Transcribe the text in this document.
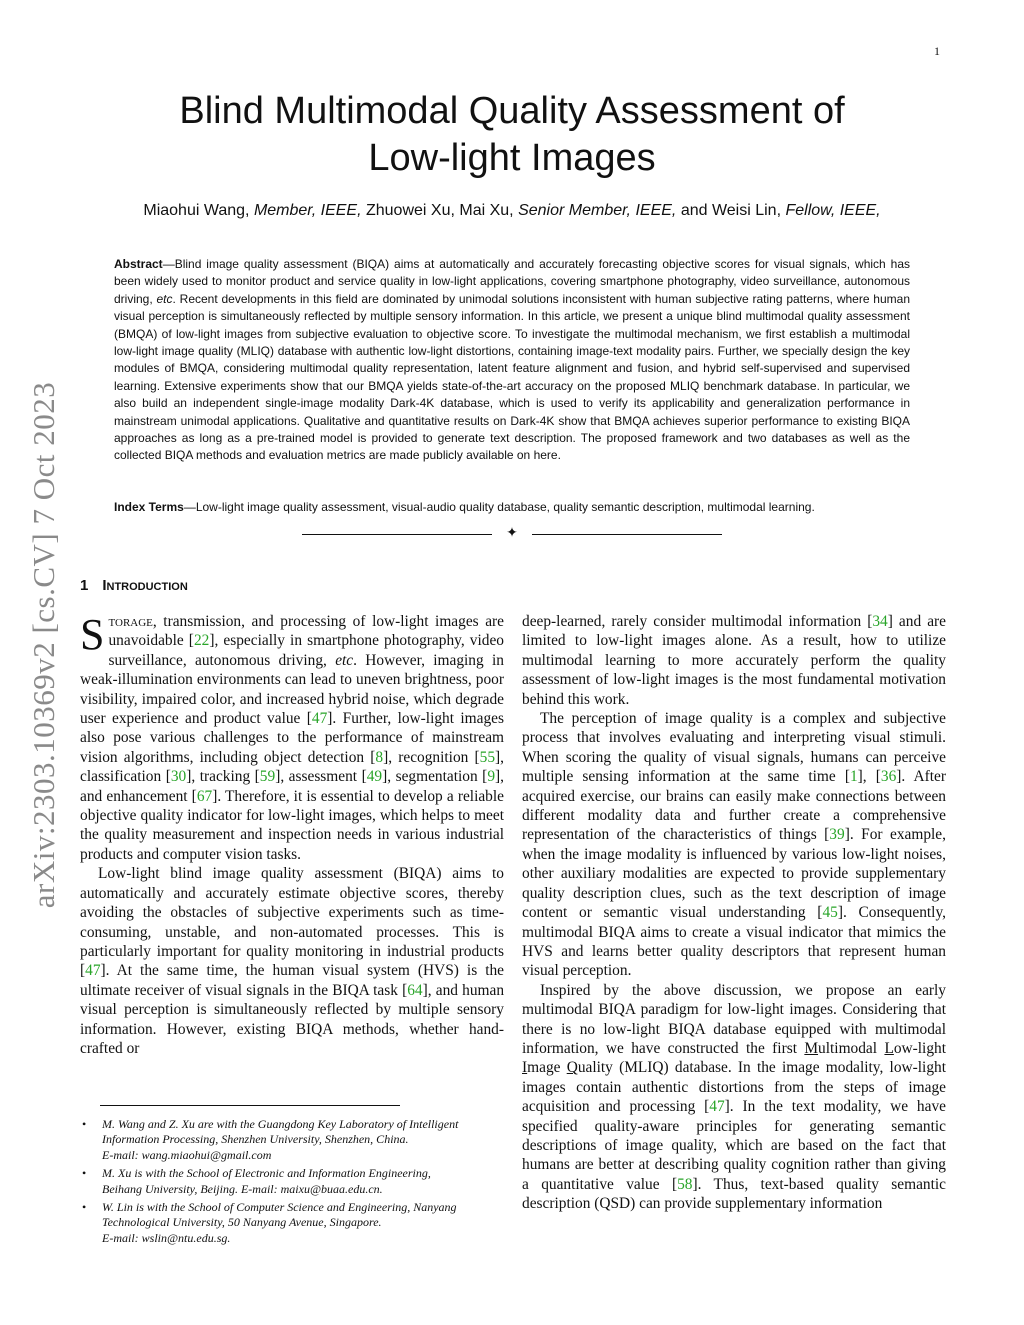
1
arXiv:2303.10369v2 [cs.CV] 7 Oct 2023
Blind Multimodal Quality Assessment of
Low-light Images
Miaohui Wang, Member, IEEE, Zhuowei Xu, Mai Xu, Senior Member, IEEE, and Weisi Lin, Fellow, IEEE,

Abstract—Blind image quality assessment (BIQA) aims at automatically and accurately forecasting objective scores for visual signals, which has been widely used to monitor product and service quality in low-light applications, covering smartphone photography, video surveillance, autonomous driving, etc. Recent developments in this field are dominated by unimodal solutions inconsistent with human subjective rating patterns, where human visual perception is simultaneously reflected by multiple sensory information. In this article, we present a unique blind multimodal quality assessment (BMQA) of low-light images from subjective evaluation to objective score. To investigate the multimodal mechanism, we first establish a multimodal low-light image quality (MLIQ) database with authentic low-light distortions, containing image-text modality pairs. Further, we specially design the key modules of BMQA, considering multimodal quality representation, latent feature alignment and fusion, and hybrid self-supervised and supervised learning. Extensive experiments show that our BMQA yields state-of-the-art accuracy on the proposed MLIQ benchmark database. In particular, we also build an independent single-image modality Dark-4K database, which is used to verify its applicability and generalization performance in mainstream unimodal applications. Qualitative and quantitative results on Dark-4K show that BMQA achieves superior performance to existing BIQA approaches as long as a pre-trained model is provided to generate text description. The proposed framework and two databases as well as the collected BIQA methods and evaluation metrics are made publicly available on here.

Index Terms—Low-light image quality assessment, visual-audio quality database, quality semantic description, multimodal learning.

✦
1 Introduction

Storage, transmission, and processing of low-light images are unavoidable [22], especially in smartphone photography, video surveillance, autonomous driving, etc. However, imaging in weak-illumination environments can lead to uneven brightness, poor visibility, impaired color, and increased hybrid noise, which degrade user experience and product value [47]. Further, low-light images also pose various challenges to the performance of mainstream vision algorithms, including object detection [8], recognition [55], classification [30], tracking [59], assessment [49], segmentation [9], and enhancement [67]. Therefore, it is essential to develop a reliable objective quality indicator for low-light images, which helps to meet the quality measurement and inspection needs in various industrial products and computer vision tasks.

Low-light blind image quality assessment (BIQA) aims to automatically and accurately estimate objective scores, thereby avoiding the obstacles of subjective experiments such as time-consuming, unstable, and non-automated processes. This is particularly important for quality monitoring in industrial products [47]. At the same time, the human visual system (HVS) is the ultimate receiver of visual signals in the BIQA task [64], and human visual perception is simultaneously reflected by multiple sensory information. However, existing BIQA methods, whether hand-crafted or

• M. Wang and Z. Xu are with the Guangdong Key Laboratory of Intelligent
Information Processing, Shenzhen University, Shenzhen, China.
E-mail: wang.miaohui@gmail.com
• M. Xu is with the School of Electronic and Information Engineering,
Beihang University, Beijing. E-mail: maixu@buaa.edu.cn.
• W. Lin is with the School of Computer Science and Engineering, Nanyang
Technological University, 50 Nanyang Avenue, Singapore.
E-mail: wslin@ntu.edu.sg.

deep-learned, rarely consider multimodal information [34] and are limited to low-light images alone. As a result, how to utilize multimodal learning to more accurately perform the quality assessment of low-light images is the most fundamental motivation behind this work.

The perception of image quality is a complex and subjective process that involves evaluating and interpreting visual stimuli. When scoring the quality of visual signals, humans can perceive multiple sensing information at the same time [1], [36]. After acquired exercise, our brains can easily make connections between different modality data and further create a comprehensive representation of the characteristics of things [39]. For example, when the image modality is influenced by various low-light noises, other auxiliary modalities are expected to provide supplementary quality description clues, such as the text description of image content or semantic visual understanding [45]. Consequently, multimodal BIQA aims to create a visual indicator that mimics the HVS and learns better quality descriptors that represent human visual perception.

Inspired by the above discussion, we propose an early multimodal BIQA paradigm for low-light images. Considering that there is no low-light BIQA database equipped with multimodal information, we have constructed the first Multimodal Low-light Image Quality (MLIQ) database. In the image modality, low-light images contain authentic distortions from the steps of image acquisition and processing [47]. In the text modality, we have specified quality-aware principles for generating semantic descriptions of image quality, which are based on the fact that humans are better at describing quality cognition rather than giving a quantitative value [58]. Thus, text-based quality semantic description (QSD) can provide supplementary information
